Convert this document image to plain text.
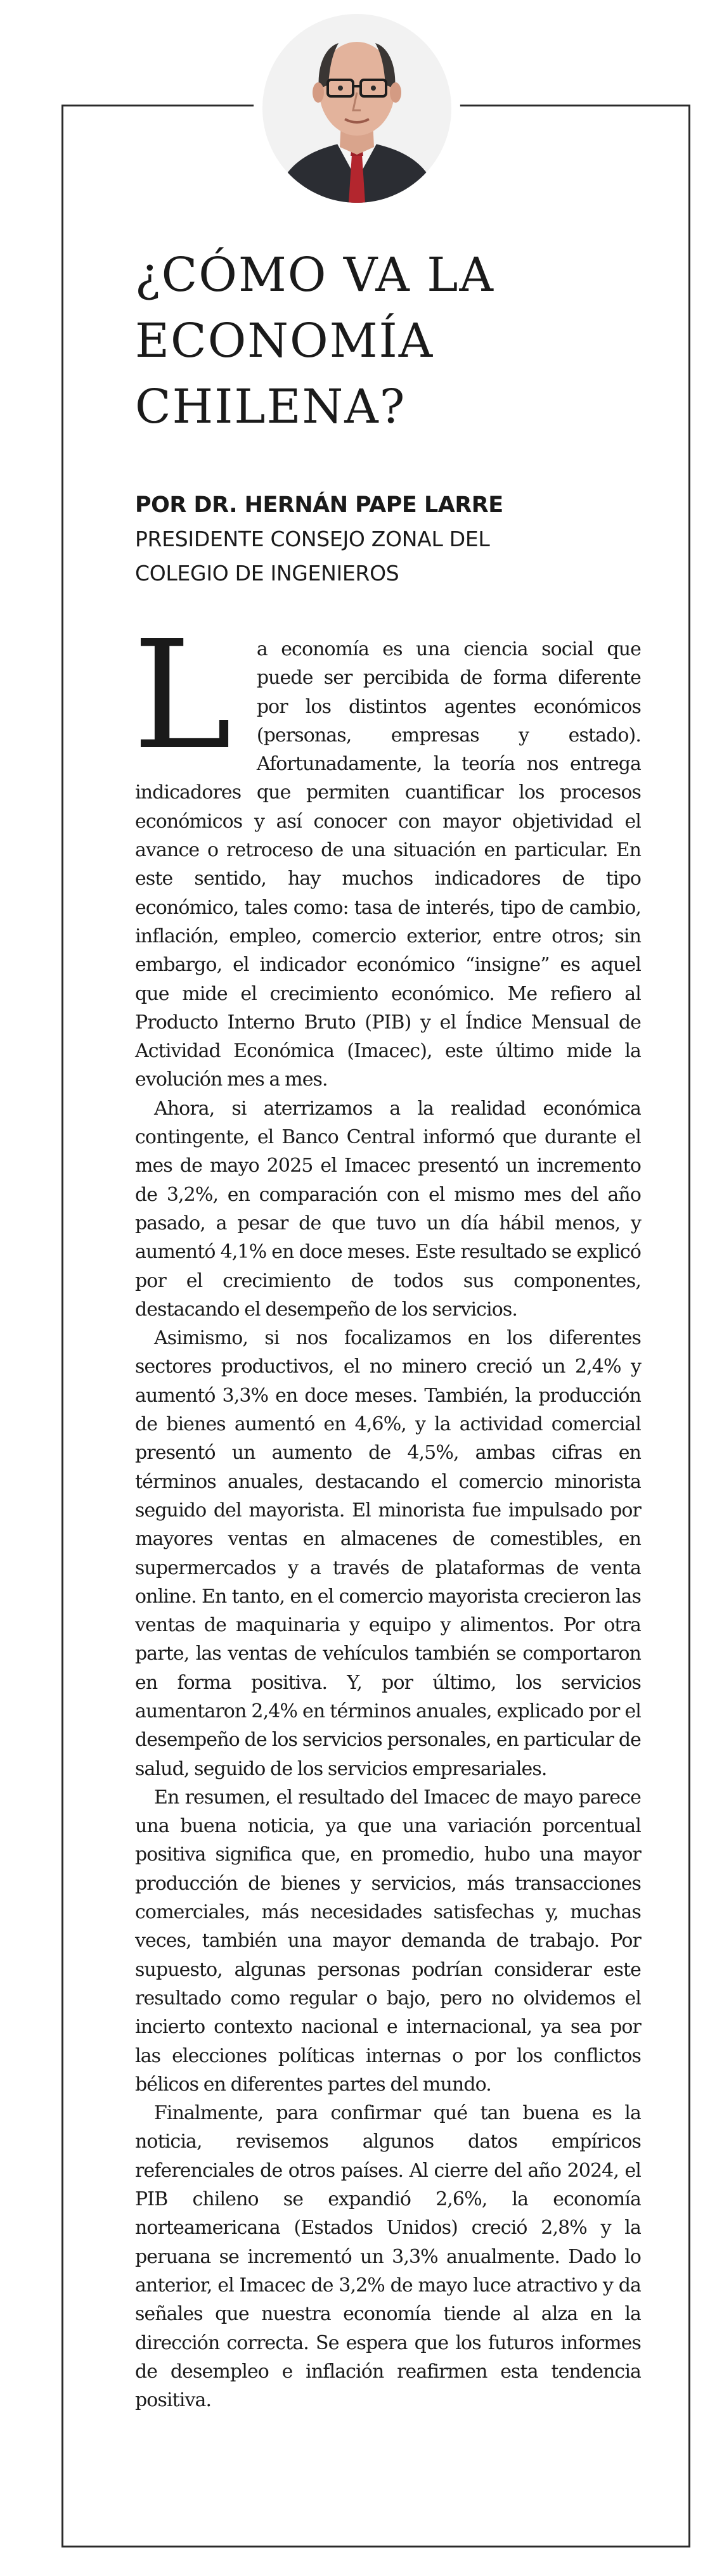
¿CÓMO VA LA ECONOMÍA CHILENA?

POR DR. HERNÁN PAPE LARRE

PRESIDENTE CONSEJO ZONAL DEL

COLEGIO DE INGENIEROS

L a economía es una ciencia social que puede ser percibida de forma diferente por los distintos agentes económicos (personas, empresas y estado). Afortunadamente, la teoría nos entrega indicadores que permiten cuantificar los procesos económicos y así conocer con mayor objetividad el avance o retroceso de una situación en particular. En este sentido, hay muchos indicadores de tipo económico, tales como: tasa de interés, tipo de cambio, inflación, empleo, comercio exterior, entre otros; sin embargo, el indicador económico “insigne” es aquel que mide el crecimiento económico. Me refiero al Producto Interno Bruto (PIB) y el Índice Mensual de Actividad Económica (Imacec), este último mide la evolución mes a mes.

Ahora, si aterrizamos a la realidad económica contingente, el Banco Central informó que durante el mes de mayo 2025 el Imacec presentó un incremento de 3,2%, en comparación con el mismo mes del año pasado, a pesar de que tuvo un día hábil menos, y aumentó 4,1% en doce meses. Este resultado se explicó por el crecimiento de todos sus componentes, destacando el desempeño de los servicios.

Asimismo, si nos focalizamos en los diferentes sectores productivos, el no minero creció un 2,4% y aumentó 3,3% en doce meses. También, la producción de bienes aumentó en 4,6%, y la actividad comercial presentó un aumento de 4,5%, ambas cifras en términos anuales, destacando el comercio minorista seguido del mayorista. El minorista fue impulsado por mayores ventas en almacenes de comestibles, en supermercados y a través de plataformas de venta online. En tanto, en el comercio mayorista crecieron las ventas de maquinaria y equipo y alimentos. Por otra parte, las ventas de vehículos también se comportaron en forma positiva. Y, por último, los servicios aumentaron 2,4% en términos anuales, explicado por el desempeño de los servicios personales, en particular de salud, seguido de los servicios empresariales.

En resumen, el resultado del Imacec de mayo parece una buena noticia, ya que una variación porcentual positiva significa que, en promedio, hubo una mayor producción de bienes y servicios, más transacciones comerciales, más necesidades satisfechas y, muchas veces, también una mayor demanda de trabajo. Por supuesto, algunas personas podrían considerar este resultado como regular o bajo, pero no olvidemos el incierto contexto nacional e internacional, ya sea por las elecciones políticas internas o por los conflictos bélicos en diferentes partes del mundo.

Finalmente, para confirmar qué tan buena es la noticia, revisemos algunos datos empíricos referenciales de otros países. Al cierre del año 2024, el PIB chileno se expandió 2,6%, la economía norteamericana (Estados Unidos) creció 2,8% y la peruana se incrementó un 3,3% anualmente. Dado lo anterior, el Imacec de 3,2% de mayo luce atractivo y da señales que nuestra economía tiende al alza en la dirección correcta. Se espera que los futuros informes de desempleo e inflación reafirmen esta tendencia positiva.
